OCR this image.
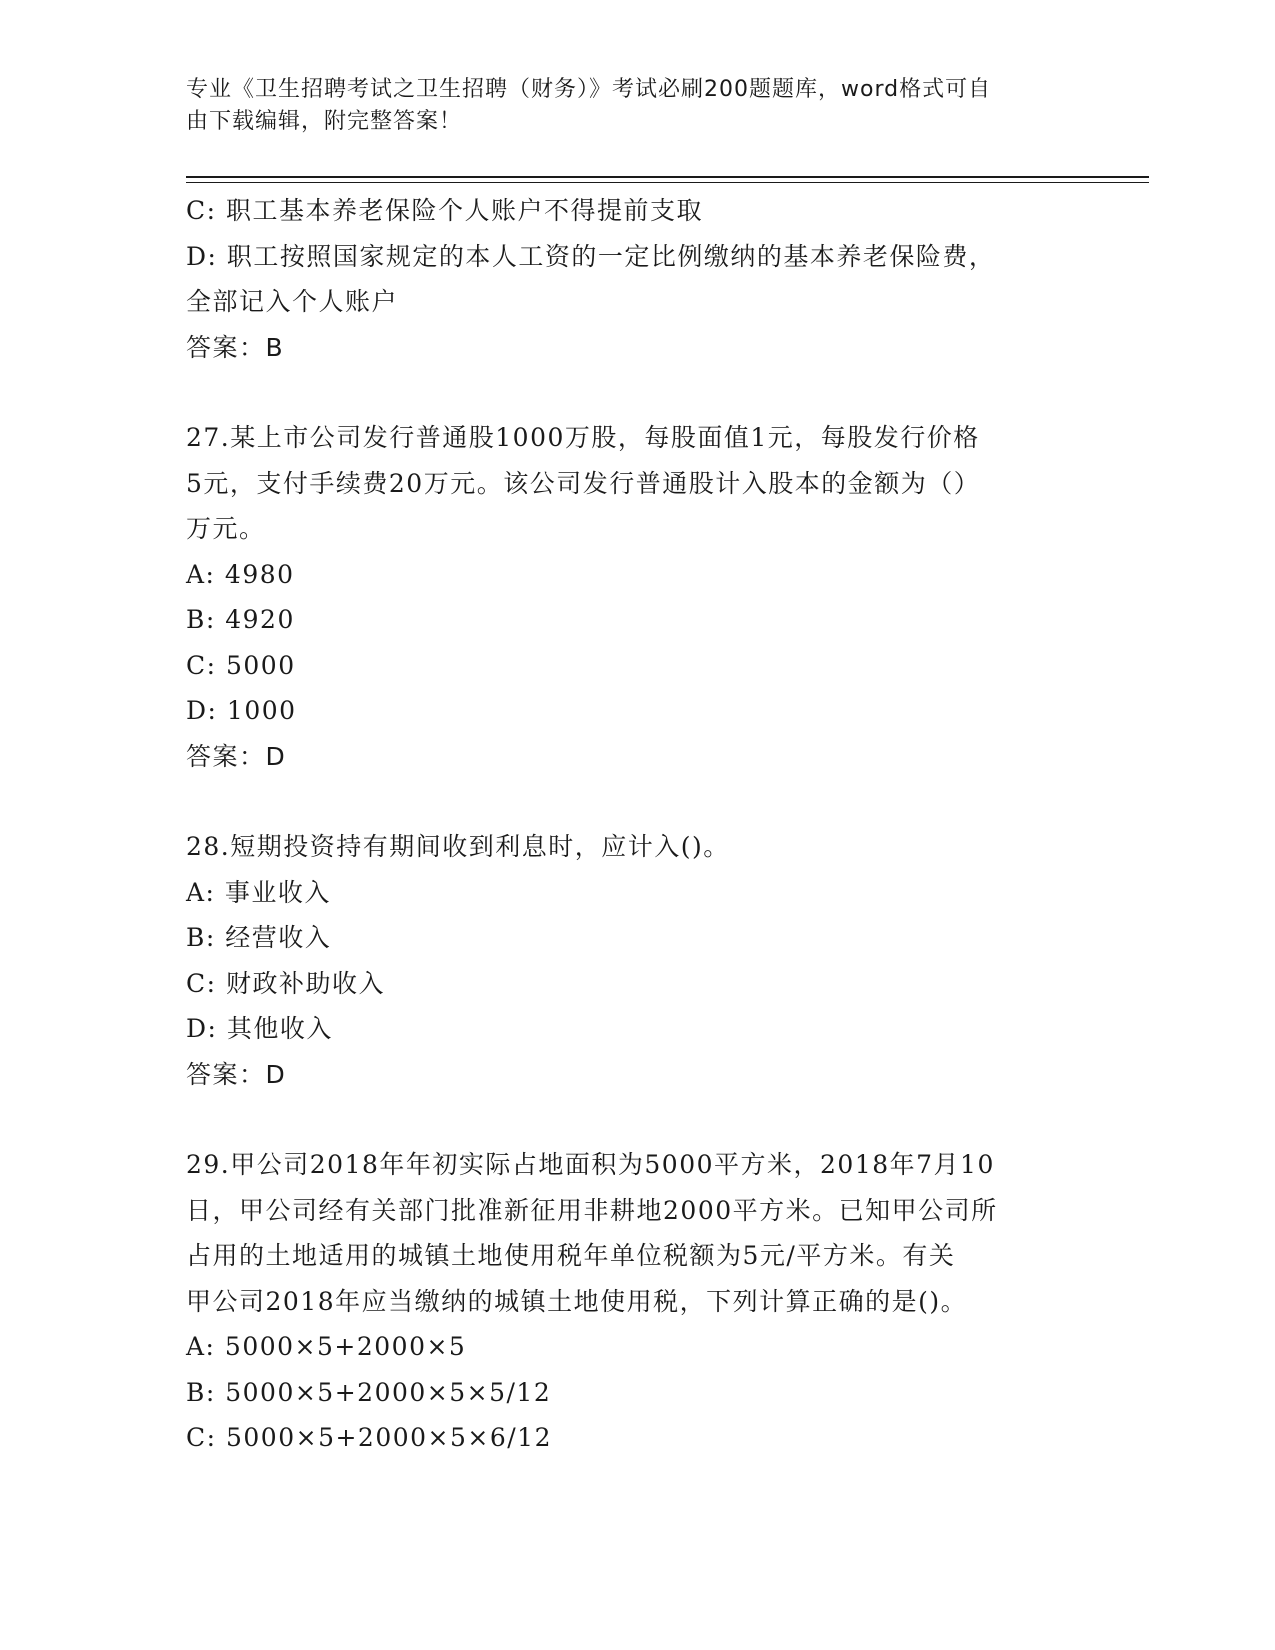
专业《卫生招聘考试之卫生招聘（财务）》考试必刷200题题库，word格式可自
由下载编辑，附完整答案！
C: 职工基本养老保险个人账户不得提前支取
D: 职工按照国家规定的本人工资的一定比例缴纳的基本养老保险费，
全部记入个人账户
答案：B
27.某上市公司发行普通股1000万股，每股面值1元，每股发行价格
5元，支付手续费20万元。该公司发行普通股计入股本的金额为（）
万元。
A: 4980
B: 4920
C: 5000
D: 1000
答案：D
28.短期投资持有期间收到利息时，应计入()。
A: 事业收入
B: 经营收入
C: 财政补助收入
D: 其他收入
答案：D
29.甲公司2018年年初实际占地面积为5000平方米，2018年7月10
日，甲公司经有关部门批准新征用非耕地2000平方米。已知甲公司所
占用的土地适用的城镇土地使用税年单位税额为5元/平方米。有关
甲公司2018年应当缴纳的城镇土地使用税，下列计算正确的是()。
A: 5000×5+2000×5
B: 5000×5+2000×5×5/12
C: 5000×5+2000×5×6/12
